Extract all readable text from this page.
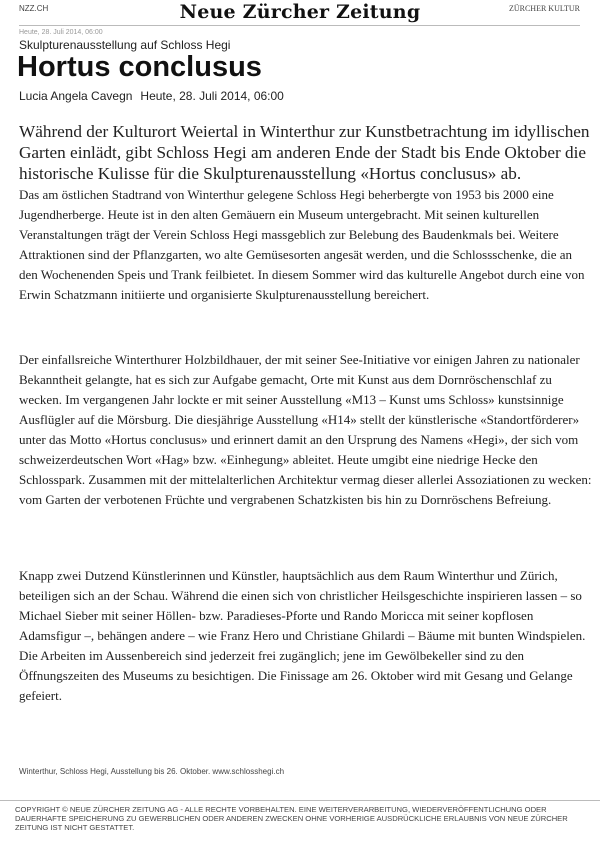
NZZ.CH	Neue Zürcher Zeitung	ZÜRCHER KULTUR
Heute, 28. Juli 2014, 06:00
Skulpturenausstellung auf Schloss Hegi
Hortus conclusus
Lucia Angela Cavegn Heute, 28. Juli 2014, 06:00

Während der Kulturort Weiertal in Winterthur zur Kunstbetrachtung im idyllischen Garten einlädt, gibt Schloss Hegi am anderen Ende der Stadt bis Ende Oktober die historische Kulisse für die Skulpturenausstellung «Hortus conclusus» ab.

Das am östlichen Stadtrand von Winterthur gelegene Schloss Hegi beherbergte von 1953 bis 2000 eine Jugendherberge. Heute ist in den alten Gemäuern ein Museum untergebracht. Mit seinen kulturellen Veranstaltungen trägt der Verein Schloss Hegi massgeblich zur Belebung des Baudenkmals bei. Weitere Attraktionen sind der Pflanzgarten, wo alte Gemüsesorten angesät werden, und die Schlossschenke, die an den Wochenenden Speis und Trank feilbietet. In diesem Sommer wird das kulturelle Angebot durch eine von Erwin Schatzmann initiierte und organisierte Skulpturenausstellung bereichert.

Der einfallsreiche Winterthurer Holzbildhauer, der mit seiner See-Initiative vor einigen Jahren zu nationaler Bekanntheit gelangte, hat es sich zur Aufgabe gemacht, Orte mit Kunst aus dem Dornröschenschlaf zu wecken. Im vergangenen Jahr lockte er mit seiner Ausstellung «M13 – Kunst ums Schloss» kunstsinnige Ausflügler auf die Mörsburg. Die diesjährige Ausstellung «H14» stellt der künstlerische «Standortförderer» unter das Motto «Hortus conclusus» und erinnert damit an den Ursprung des Namens «Hegi», der sich vom schweizerdeutschen Wort «Hag» bzw. «Einhegung» ableitet. Heute umgibt eine niedrige Hecke den Schlosspark. Zusammen mit der mittelalterlichen Architektur vermag dieser allerlei Assoziationen zu wecken: vom Garten der verbotenen Früchte und vergrabenen Schatzkisten bis hin zu Dornröschens Befreiung.

Knapp zwei Dutzend Künstlerinnen und Künstler, hauptsächlich aus dem Raum Winterthur und Zürich, beteiligen sich an der Schau. Während die einen sich von christlicher Heilsgeschichte inspirieren lassen – so Michael Sieber mit seiner Höllen- bzw. Paradieses-Pforte und Rando Moricca mit seiner kopflosen Adamsfigur –, behängen andere – wie Franz Hero und Christiane Ghilardi – Bäume mit bunten Windspielen. Die Arbeiten im Aussenbereich sind jederzeit frei zugänglich; jene im Gewölbekeller sind zu den Öffnungszeiten des Museums zu besichtigen. Die Finissage am 26. Oktober wird mit Gesang und Gelange gefeiert.

Winterthur, Schloss Hegi, Ausstellung bis 26. Oktober. www.schlosshegi.ch
COPYRIGHT © NEUE ZÜRCHER ZEITUNG AG - ALLE RECHTE VORBEHALTEN. EINE WEITERVERARBEITUNG, WIEDERVERÖFFENTLICHUNG ODER DAUERHAFTE SPEICHERUNG ZU GEWERBLICHEN ODER ANDEREN ZWECKEN OHNE VORHERIGE AUSDRÜCKLICHE ERLAUBNIS VON NEUE ZÜRCHER ZEITUNG IST NICHT GESTATTET.
